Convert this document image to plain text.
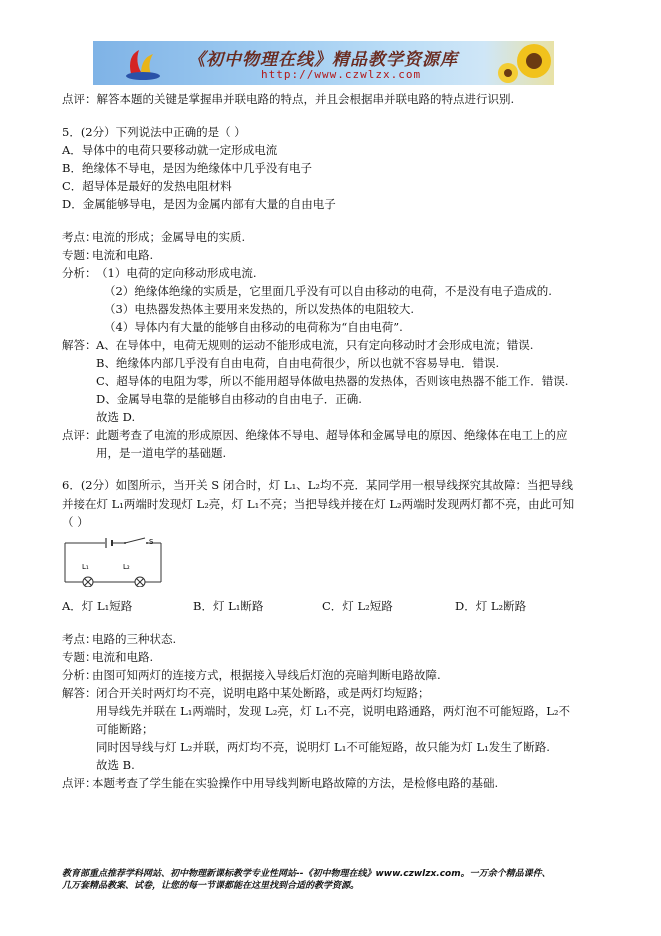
《初中物理在线》精品教学资源库
http://www.czwlzx.com
点评：解答本题的关键是掌握串并联电路的特点，并且会根据串并联电路的特点进行识别.
5．(2分）下列说法中正确的是（ ）
A．导体中的电荷只要移动就一定形成电流
B．绝缘体不导电，是因为绝缘体中几乎没有电子
C．超导体是最好的发热电阻材料
D．金属能够导电，是因为金属内部有大量的自由电子
考点：电流的形成；金属导电的实质.
专题：电流和电路.
分析： （1）电荷的定向移动形成电流.
（2）绝缘体绝缘的实质是，它里面几乎没有可以自由移动的电荷，不是没有电子造成的.
（3）电热器发热体主要用来发热的，所以发热体的电阻较大.
（4）导体内有大量的能够自由移动的电荷称为“自由电荷”.
解答： A、在导体中，电荷无规则的运动不能形成电流，只有定向移动时才会形成电流；错误.
B、绝缘体内部几乎没有自由电荷，自由电荷很少，所以也就不容易导电．错误.
C、超导体的电阻为零，所以不能用超导体做电热器的发热体，否则该电热器不能工作．错误.
D、金属导电靠的是能够自由移动的自由电子．正确.
故选 D.
点评： 此题考查了电流的形成原因、绝缘体不导电、超导体和金属导电的原因、绝缘体在电工上的应
用，是一道电学的基础题.
6．(2分）如图所示，当开关 S 闭合时，灯 L₁、L₂均不亮．某同学用一根导线探究其故障：当把导线
并接在灯 L₁两端时发现灯 L₂亮，灯 L₁不亮；当把导线并接在灯 L₂两端时发现两灯都不亮，由此可知
（ ）
S
L₁	L₂
A．灯 L₁短路	B．灯 L₁断路	C．灯 L₂短路	D．灯 L₂断路
考点：电路的三种状态.
专题：电流和电路.
分析：由图可知两灯的连接方式，根据接入导线后灯泡的亮暗判断电路故障.
解答： 闭合开关时两灯均不亮，说明电路中某处断路，或是两灯均短路；
用导线先并联在 L₁两端时，发现 L₂亮，灯 L₁不亮，说明电路通路，两灯泡不可能短路，L₂不
可能断路；
同时因导线与灯 L₂并联，两灯均不亮，说明灯 L₁不可能短路，故只能为灯 L₁发生了断路.
故选 B.
点评：本题考查了学生能在实验操作中用导线判断电路故障的方法，是检修电路的基础.
教育部重点推荐学科网站、初中物理新课标教学专业性网站--《初中物理在线》www.czwlzx.com。一万余个精品课件、
几万套精品教案、试卷，让您的每一节课都能在这里找到合适的教学资源。
